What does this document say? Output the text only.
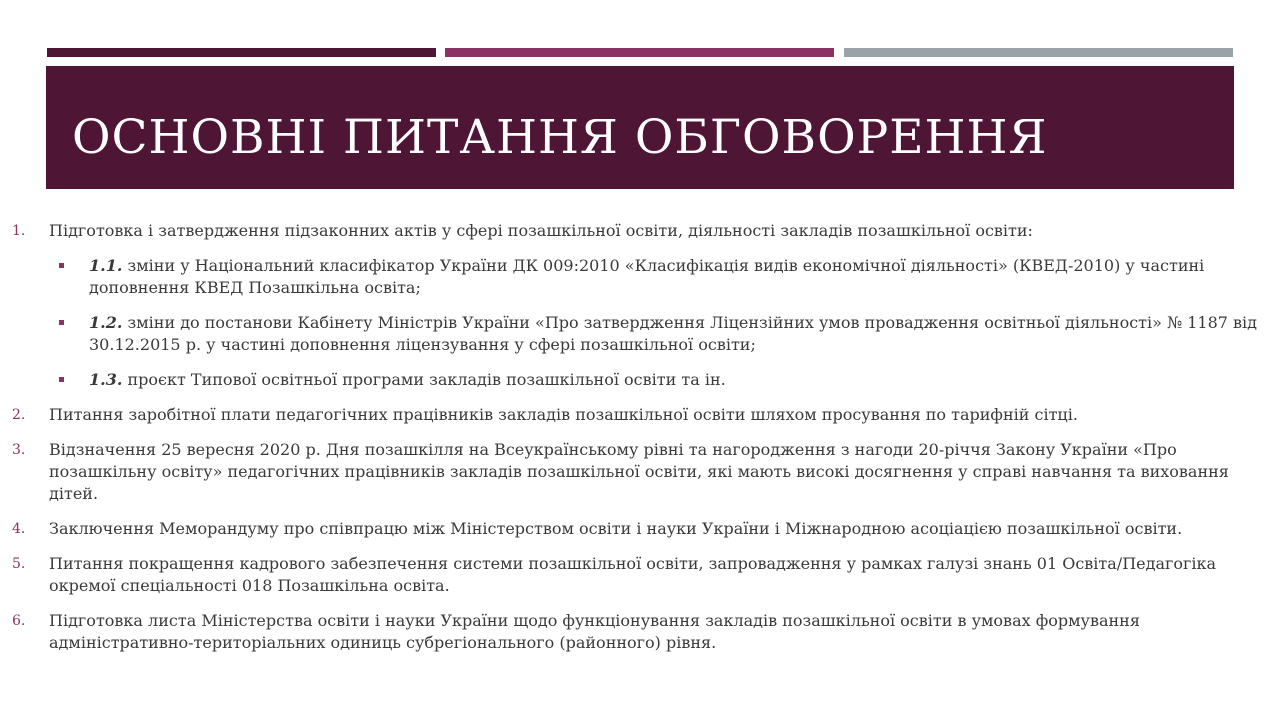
ОСНОВНІ ПИТАННЯ ОБГОВОРЕННЯ
1.	Підготовка і затвердження підзаконних актів у сфері позашкільної освіти, діяльності закладів позашкільної освіти:
1.1. зміни у Національний класифікатор України ДК 009:2010 «Класифікація видів економічної діяльності» (КВЕД-2010) у частині доповнення КВЕД Позашкільна освіта;
1.2. зміни до постанови Кабінету Міністрів України «Про затвердження Ліцензійних умов провадження освітньої діяльності» № 1187 від 30.12.2015 р. у частині доповнення ліцензування у сфері позашкільної освіти;
1.3. проєкт Типової освітньої програми закладів позашкільної освіти та ін.
2.	Питання заробітної плати педагогічних працівників закладів позашкільної освіти шляхом просування по тарифній сітці.
3.	Відзначення 25 вересня 2020 р. Дня позашкілля на Всеукраїнському рівні та нагородження з нагоди 20-річчя Закону України «Про позашкільну освіту» педагогічних працівників закладів позашкільної освіти, які мають високі досягнення у справі навчання та виховання дітей.
4.	Заключення Меморандуму про співпрацю між Міністерством освіти і науки України і Міжнародною асоціацією позашкільної освіти.
5.	Питання покращення кадрового забезпечення системи позашкільної освіти, запровадження у рамках галузі знань 01 Освіта/Педагогіка окремої спеціальності 018 Позашкільна освіта.
6.	Підготовка листа Міністерства освіти і науки України щодо функціонування закладів позашкільної освіти в умовах формування адміністративно-територіальних одиниць субрегіонального (районного) рівня.
